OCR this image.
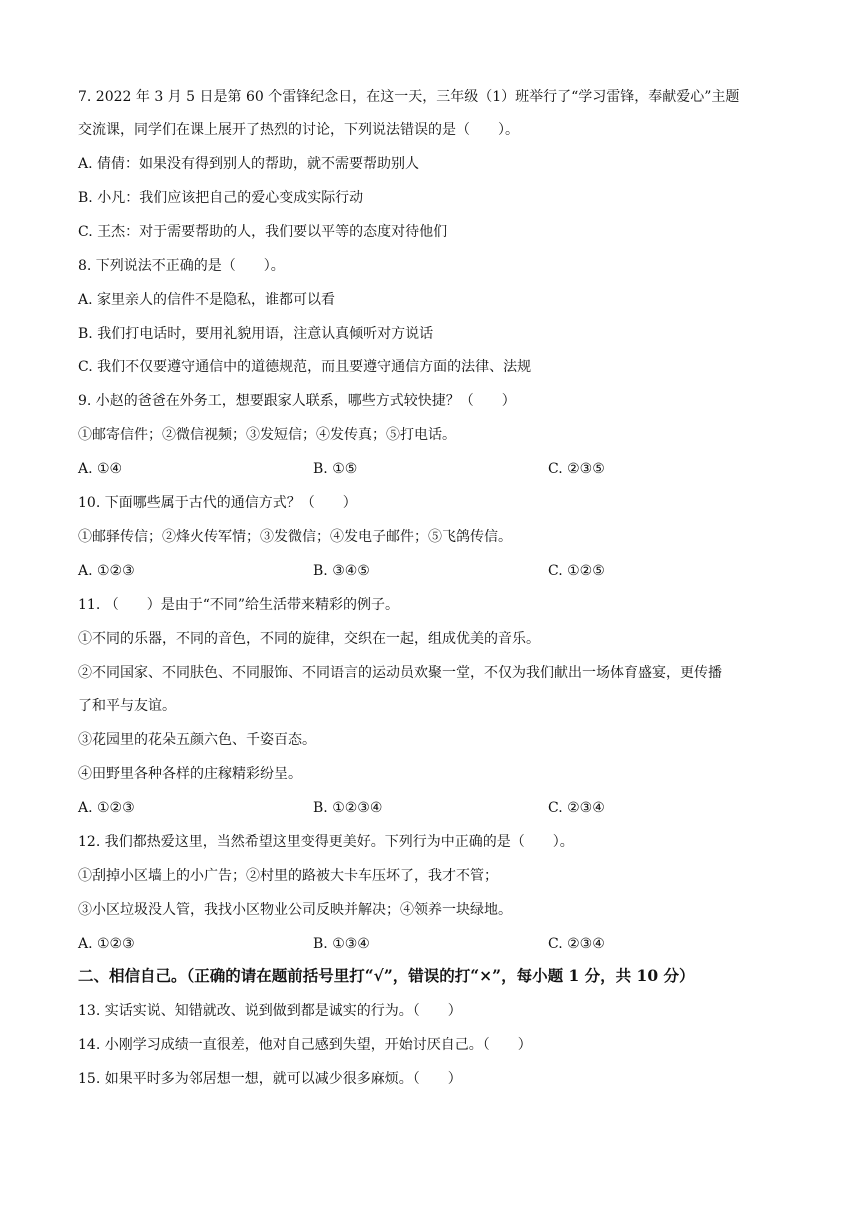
7. 2022 年 3 月 5 日是第 60 个雷锋纪念日，在这一天，三年级（1）班举行了“学习雷锋，奉献爱心”主题
交流课，同学们在课上展开了热烈的讨论，下列说法错误的是（　　）。
A. 倩倩：如果没有得到别人的帮助，就不需要帮助别人
B. 小凡：我们应该把自己的爱心变成实际行动
C. 王杰：对于需要帮助的人，我们要以平等的态度对待他们
8. 下列说法不正确的是（　　）。
A. 家里亲人的信件不是隐私，谁都可以看
B. 我们打电话时，要用礼貌用语，注意认真倾听对方说话
C. 我们不仅要遵守通信中的道德规范，而且要遵守通信方面的法律、法规
9. 小赵的爸爸在外务工，想要跟家人联系，哪些方式较快捷？（　　）
①邮寄信件；②微信视频；③发短信；④发传真；⑤打电话。
A. ①④	B. ①⑤	C. ②③⑤
10. 下面哪些属于古代的通信方式？（　　）
①邮驿传信；②烽火传军情；③发微信；④发电子邮件；⑤飞鸽传信。
A. ①②③	B. ③④⑤	C. ①②⑤
11. （　　）是由于“不同”给生活带来精彩的例子。
①不同的乐器，不同的音色，不同的旋律，交织在一起，组成优美的音乐。
②不同国家、不同肤色、不同服饰、不同语言的运动员欢聚一堂，不仅为我们献出一场体育盛宴，更传播
了和平与友谊。
③花园里的花朵五颜六色、千姿百态。
④田野里各种各样的庄稼精彩纷呈。
A. ①②③	B. ①②③④	C. ②③④
12. 我们都热爱这里，当然希望这里变得更美好。下列行为中正确的是（　　）。
①刮掉小区墙上的小广告；②村里的路被大卡车压坏了，我才不管；
③小区垃圾没人管，我找小区物业公司反映并解决；④领养一块绿地。
A. ①②③	B. ①③④	C. ②③④
二、相信自己。（正确的请在题前括号里打“√”，错误的打“×”，每小题 1 分，共 10 分）
13. 实话实说、知错就改、说到做到都是诚实的行为。（　　）
14. 小刚学习成绩一直很差，他对自己感到失望，开始讨厌自己。（　　）
15. 如果平时多为邻居想一想，就可以减少很多麻烦。（　　）
